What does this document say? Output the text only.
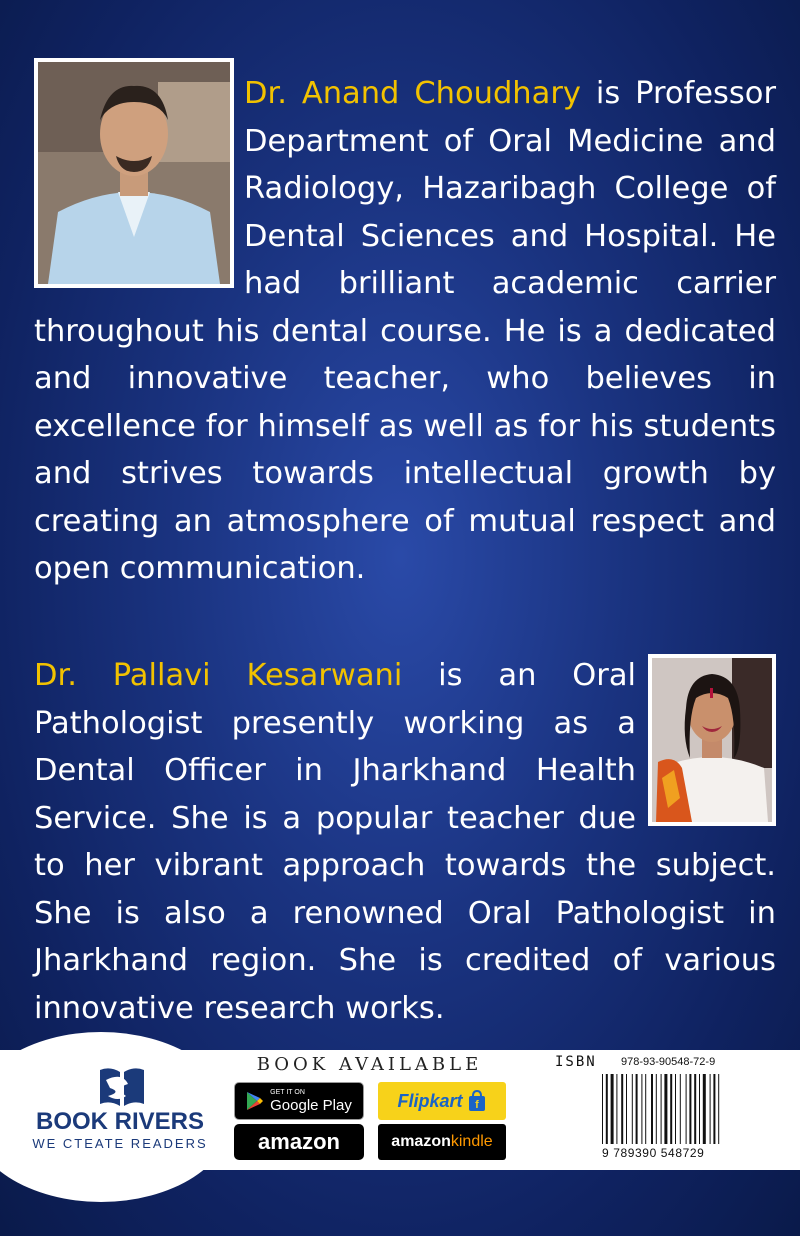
Dr. Anand Choudhary is Professor Department of Oral Medicine and Radiology, Hazaribagh College of Dental Sciences and Hospital. He had brilliant academic carrier throughout his dental course. He is a dedicated and innovative teacher, who believes in excellence for himself as well as for his students and strives towards intellectual growth by creating an atmosphere of mutual respect and open communication.
Dr. Pallavi Kesarwani is an Oral Pathologist presently working as a Dental Officer in Jharkhand Health Service. She is a popular teacher due to her vibrant approach towards the subject. She is also a renowned Oral Pathologist in Jharkhand region. She is credited of various innovative research works.
BOOK RIVERS
WE CTEATE READERS
BOOK AVAILABLE
GET IT ON
Google Play	Flipkart f
amazon	amazonkindle
ISBN 978-93-90548-72-9
9 789390 548729
